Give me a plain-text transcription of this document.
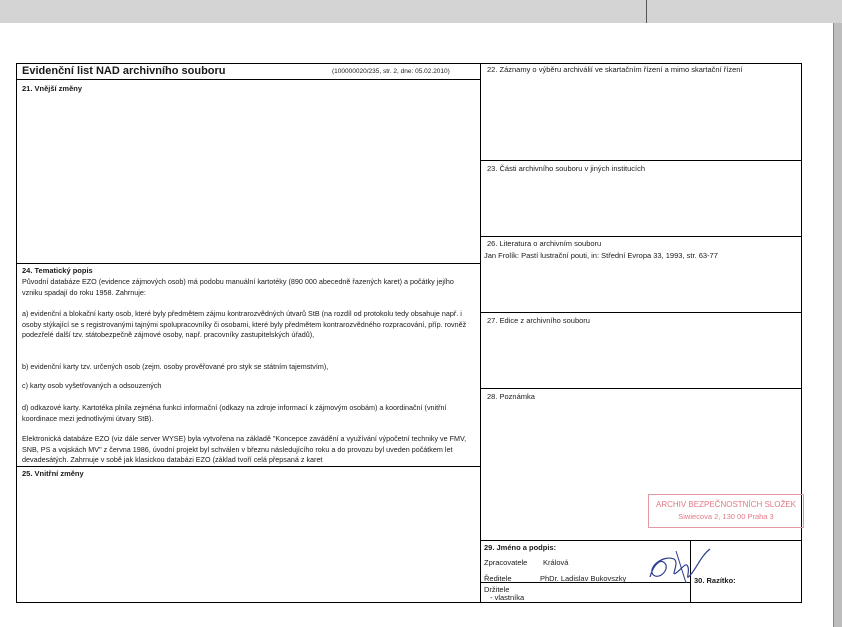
Evidenční list NAD archivního souboru	(100000020/235, str. 2, dne: 05.02.2010)
21. Vnější změny
24. Tematický popis
Původní databáze EZO (evidence zájmových osob) má podobu manuální kartotéky (890 000 abecedně řazených karet) a počátky jejího vzniku spadají do roku 1958. Zahrnuje:
a) evidenční a blokační karty osob, které byly předmětem zájmu kontrarozvědných útvarů StB (na rozdíl od protokolu tedy obsahuje např. i osoby stýkající se s registrovanými tajnými spolupracovníky či osobami, které byly předmětem kontrarozvědného rozpracování, příp. rovněž podezřelé další tzv. státobezpečně zájmové osoby, např. pracovníky zastupitelských úřadů),
b) evidenční karty tzv. určených osob (zejm. osoby prověřované pro styk se státním tajemstvím),
c) karty osob vyšetřovaných a odsouzených
d) odkazové karty. Kartotéka plnila zejména funkci informační (odkazy na zdroje informací k zájmovým osobám) a koordinační (vnitřní koordinace mezi jednotlivými útvary StB).
Elektronická databáze EZO (viz dále server WYSE) byla vytvořena na základě "Koncepce zavádění a využívání výpočetní techniky ve FMV, SNB, PS a vojskách MV" z června 1986, úvodní projekt byl schválen v březnu následujícího roku a do provozu byl uveden počátkem let devadesátých. Zahrnuje v sobě jak klasickou databázi EZO (základ tvoří celá přepsaná z karet
25. Vnitřní změny
22. Záznamy o výběru archiválií ve skartačním řízení a mimo skartační řízení
23. Části archivního souboru v jiných institucích
26. Literatura o archivním souboru
Jan Frolík: Pastí lustrační pouti, in: Střední Evropa 33, 1993, str. 63-77
27. Edice z archivního souboru
28. Poznámka
ARCHIV BEZPEČNOSTNÍCH SLOŽEK
Siwiecova 2, 130 00 Praha 3
29. Jméno a podpis:
Zpracovatele Králová
Ředitele	PhDr. Ladislav Bukovszky
Držitele
- vlastníka
30. Razítko:
